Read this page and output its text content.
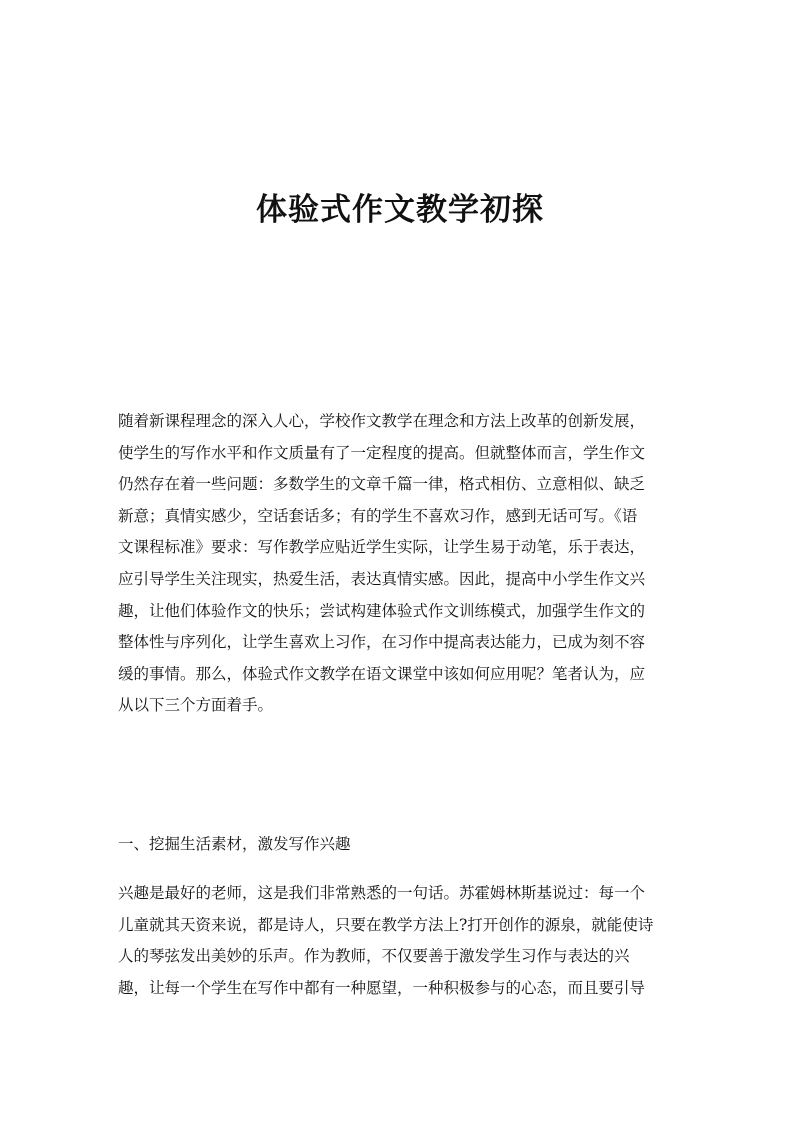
体验式作文教学初探
随着新课程理念的深入人心，学校作文教学在理念和方法上改革的创新发展，
使学生的写作水平和作文质量有了一定程度的提高。但就整体而言，学生作文
仍然存在着一些问题：多数学生的文章千篇一律，格式相仿、立意相似、缺乏
新意；真情实感少，空话套话多；有的学生不喜欢习作，感到无话可写。《语
文课程标准》要求：写作教学应贴近学生实际，让学生易于动笔，乐于表达，
应引导学生关注现实，热爱生活，表达真情实感。因此，提高中小学生作文兴
趣，让他们体验作文的快乐；尝试构建体验式作文训练模式，加强学生作文的
整体性与序列化，让学生喜欢上习作，在习作中提高表达能力，已成为刻不容
缓的事情。那么，体验式作文教学在语文课堂中该如何应用呢？笔者认为，应
从以下三个方面着手。
一、挖掘生活素材，激发写作兴趣
兴趣是最好的老师，这是我们非常熟悉的一句话。苏霍姆林斯基说过：每一个
儿童就其天资来说，都是诗人，只要在教学方法上?打开创作的源泉，就能使诗
人的琴弦发出美妙的乐声。作为教师，不仅要善于激发学生习作与表达的兴
趣，让每一个学生在写作中都有一种愿望，一种积极参与的心态，而且要引导
